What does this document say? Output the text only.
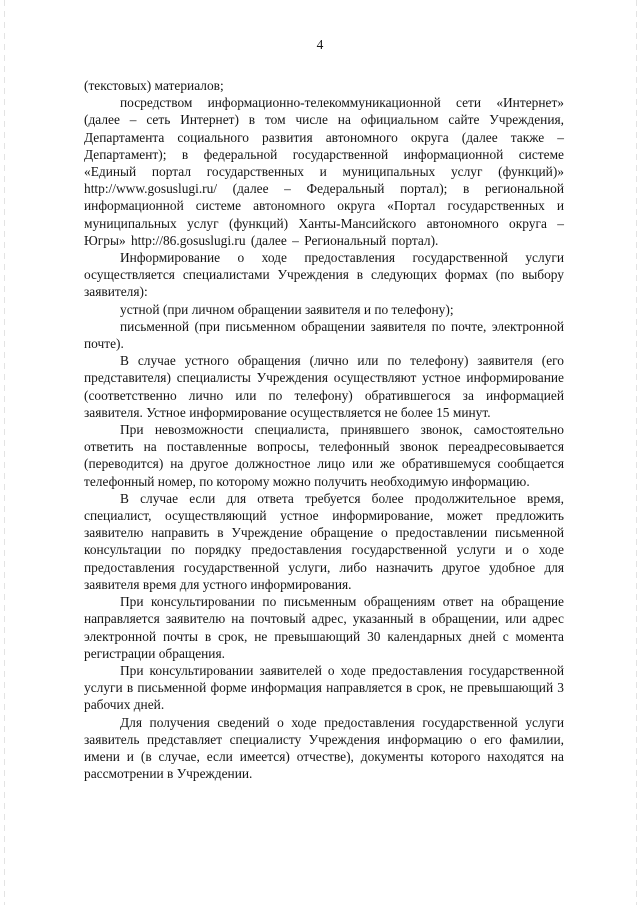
4

(текстовых) материалов;

посредством информационно-телекоммуникационной сети «Интернет» (далее – сеть Интернет) в том числе на официальном сайте Учреждения, Департамента социального развития автономного округа (далее также – Департамент); в федеральной государственной информационной системе «Единый портал государственных и муниципальных услуг (функций)» http://www.gosuslugi.ru/ (далее – Федеральный портал); в региональной информационной системе автономного округа «Портал государственных и муниципальных услуг (функций) Ханты-Мансийского автономного округа – Югры» http://86.gosuslugi.ru (далее – Региональный портал).

Информирование о ходе предоставления государственной услуги осуществляется специалистами Учреждения в следующих формах (по выбору заявителя):

устной (при личном обращении заявителя и по телефону);

письменной (при письменном обращении заявителя по почте, электронной почте).

В случае устного обращения (лично или по телефону) заявителя (его представителя) специалисты Учреждения осуществляют устное информирование (соответственно лично или по телефону) обратившегося за информацией заявителя. Устное информирование осуществляется не более 15 минут.

При невозможности специалиста, принявшего звонок, самостоятельно ответить на поставленные вопросы, телефонный звонок переадресовывается (переводится) на другое должностное лицо или же обратившемуся сообщается телефонный номер, по которому можно получить необходимую информацию.

В случае если для ответа требуется более продолжительное время, специалист, осуществляющий устное информирование, может предложить заявителю направить в Учреждение обращение о предоставлении письменной консультации по порядку предоставления государственной услуги и о ходе предоставления государственной услуги, либо назначить другое удобное для заявителя время для устного информирования.

При консультировании по письменным обращениям ответ на обращение направляется заявителю на почтовый адрес, указанный в обращении, или адрес электронной почты в срок, не превышающий 30 календарных дней с момента регистрации обращения.

При консультировании заявителей о ходе предоставления государственной услуги в письменной форме информация направляется в срок, не превышающий 3 рабочих дней.

Для получения сведений о ходе предоставления государственной услуги заявитель представляет специалисту Учреждения информацию о его фамилии, имени и (в случае, если имеется) отчестве), документы которого находятся на рассмотрении в Учреждении.
